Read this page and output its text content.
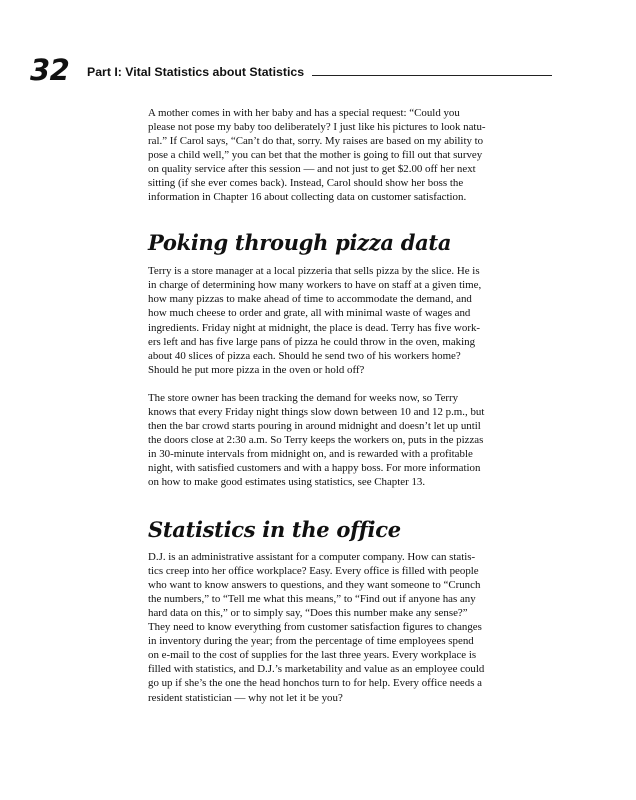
32 Part I: Vital Statistics about Statistics
A mother comes in with her baby and has a special request: “Could you
please not pose my baby too deliberately? I just like his pictures to look natu-
ral.” If Carol says, “Can’t do that, sorry. My raises are based on my ability to
pose a child well,” you can bet that the mother is going to fill out that survey
on quality service after this session — and not just to get $2.00 off her next
sitting (if she ever comes back). Instead, Carol should show her boss the
information in Chapter 16 about collecting data on customer satisfaction.
Poking through pizza data
Terry is a store manager at a local pizzeria that sells pizza by the slice. He is
in charge of determining how many workers to have on staff at a given time,
how many pizzas to make ahead of time to accommodate the demand, and
how much cheese to order and grate, all with minimal waste of wages and
ingredients. Friday night at midnight, the place is dead. Terry has five work-
ers left and has five large pans of pizza he could throw in the oven, making
about 40 slices of pizza each. Should he send two of his workers home?
Should he put more pizza in the oven or hold off?
The store owner has been tracking the demand for weeks now, so Terry
knows that every Friday night things slow down between 10 and 12 p.m., but
then the bar crowd starts pouring in around midnight and doesn’t let up until
the doors close at 2:30 a.m. So Terry keeps the workers on, puts in the pizzas
in 30-minute intervals from midnight on, and is rewarded with a profitable
night, with satisfied customers and with a happy boss. For more information
on how to make good estimates using statistics, see Chapter 13.
Statistics in the office
D.J. is an administrative assistant for a computer company. How can statis-
tics creep into her office workplace? Easy. Every office is filled with people
who want to know answers to questions, and they want someone to “Crunch
the numbers,” to “Tell me what this means,” to “Find out if anyone has any
hard data on this,” or to simply say, “Does this number make any sense?”
They need to know everything from customer satisfaction figures to changes
in inventory during the year; from the percentage of time employees spend
on e-mail to the cost of supplies for the last three years. Every workplace is
filled with statistics, and D.J.’s marketability and value as an employee could
go up if she’s the one the head honchos turn to for help. Every office needs a
resident statistician — why not let it be you?
